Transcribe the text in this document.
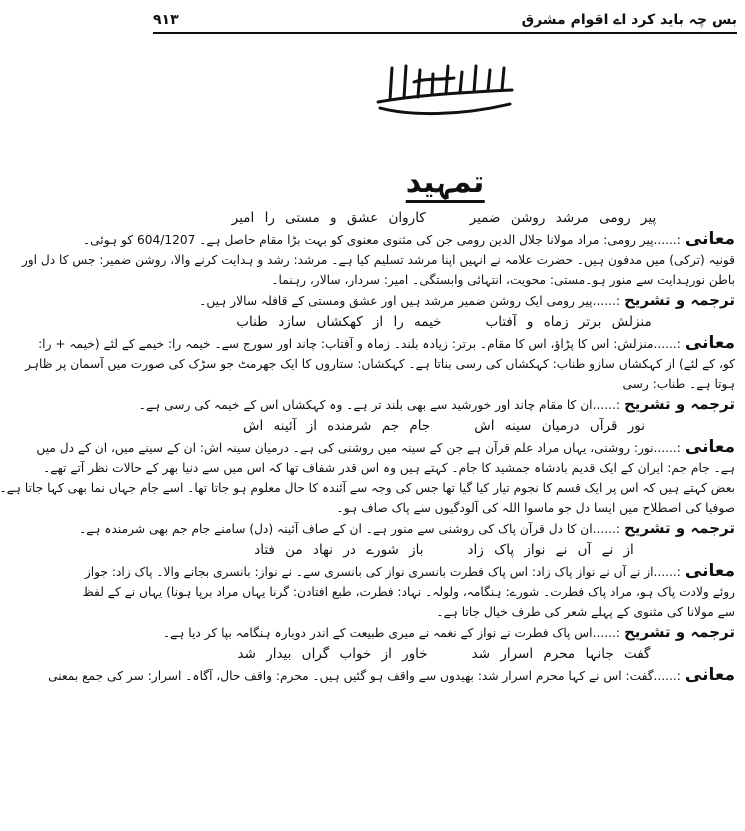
بس چہ باید کرد اے اقوام مشرق
۹۱۳
تمہید
پیر رومی مرشد روشن ضمیرکاروان عشق و مستی را امیر
معانی:......پیر رومی: مراد مولانا جلال الدین رومی جن کی مثنوی معنوی کو بہت بڑا مقام حاصل ہے۔ 604/1207 کو ہوئی۔
قونیہ (ترکی) میں مدفون ہیں۔ حضرت علامہ نے انہیں اپنا مرشد تسلیم کیا ہے۔ مرشد: رشد و ہدایت کرنے والا، روشن ضمیر: جس کا دل اور
باطن نورہدایت سے منور ہو۔مستی: محویت، انتہائی وابستگی۔ امیر: سردار، سالار، رہنما۔
ترجمہ و تشریح:......پیر رومی ایک روشن ضمیر مرشد ہیں اور عشق ومستی کے قافلہ سالار ہیں۔
منزلش برتر زماه و آفتابخیمه را از کهکشاں سازد طناب
معانی:......منزلش: اس کا پڑاؤ، اس کا مقام۔ برتر: زیادہ بلند۔ زماہ و آفتاب: چاند اور سورج سے۔ خیمہ را: خیمے کے لئے (خیمہ + را:
کو، کے لئے) از کہکشاں سازو طناب: کہکشاں کی رسی بناتا ہے۔ کہکشاں: ستاروں کا ایک جھرمٹ جو سڑک کی صورت میں آسمان پر ظاہر
ہوتا ہے۔ طناب: رسی
ترجمہ و تشریح:......ان کا مقام چاند اور خورشید سے بھی بلند تر ہے۔ وہ کہکشاں اس کے خیمہ کی رسی ہے۔
نور قرآں درمیان سینه اشجام جم شرمنده از آئینه اش
معانی:......نور: روشنی، یہاں مراد علم قرآن ہے جن کے سینہ میں روشنی کی ہے۔ درمیان سینہ اش: ان کے سینے میں، ان کے دل میں
ہے۔ جام جم: ایران کے ایک قدیم بادشاہ جمشید کا جام۔ کہتے ہیں وہ اس قدر شفاف تھا کہ اس میں سے دنیا بھر کے حالات نظر آتے تھے۔
بعض کہتے ہیں کہ اس پر ایک قسم کا نجوم تیار کیا گیا تھا جس کی وجہ سے آئندہ کا حال معلوم ہو جاتا تھا۔ اسے جام جہاں نما بھی کہا جاتا ہے۔
صوفیا کی اصطلاح میں ایسا دل جو ماسوا اللہ کی آلودگیوں سے پاک صاف ہو۔
ترجمہ و تشریح:......ان کا دل قرآن پاک کی روشنی سے منور ہے۔ ان کے صاف آئینہ (دل) سامنے جام جم بھی شرمندہ ہے۔
از نے آں نے نواز پاک زادباز شورے در نهاد من فتاد
معانی:......از نے آں نے نواز پاک زاد: اس پاک فطرت بانسری نواز کی بانسری سے۔ نے نواز: بانسری بجانے والا۔ پاک زاد: جواز
روئے ولادت پاک ہو، مراد پاک فطرت۔ شورے: ہنگامہ، ولولہ۔ نہاد: فطرت، طبع افتادن: گرنا یہاں مراد برپا ہونا) یہاں نے کے لفظ
سے مولانا کی مثنوی کے پہلے شعر کی طرف خیال جاتا ہے۔
ترجمہ و تشریح:......اس پاک فطرت نے نواز کے نغمہ نے میری طبیعت کے اندر دوبارہ ہنگامہ بپا کر دیا ہے۔
گفت جانہا محرم اسرار شدخاور از خواب گراں بیدار شد
معانی:......گفت: اس نے کہا محرم اسرار شد: بھیدوں سے واقف ہو گئیں ہیں۔ محرم: واقف حال، آگاہ۔ اسرار: سر کی جمع بمعنی
